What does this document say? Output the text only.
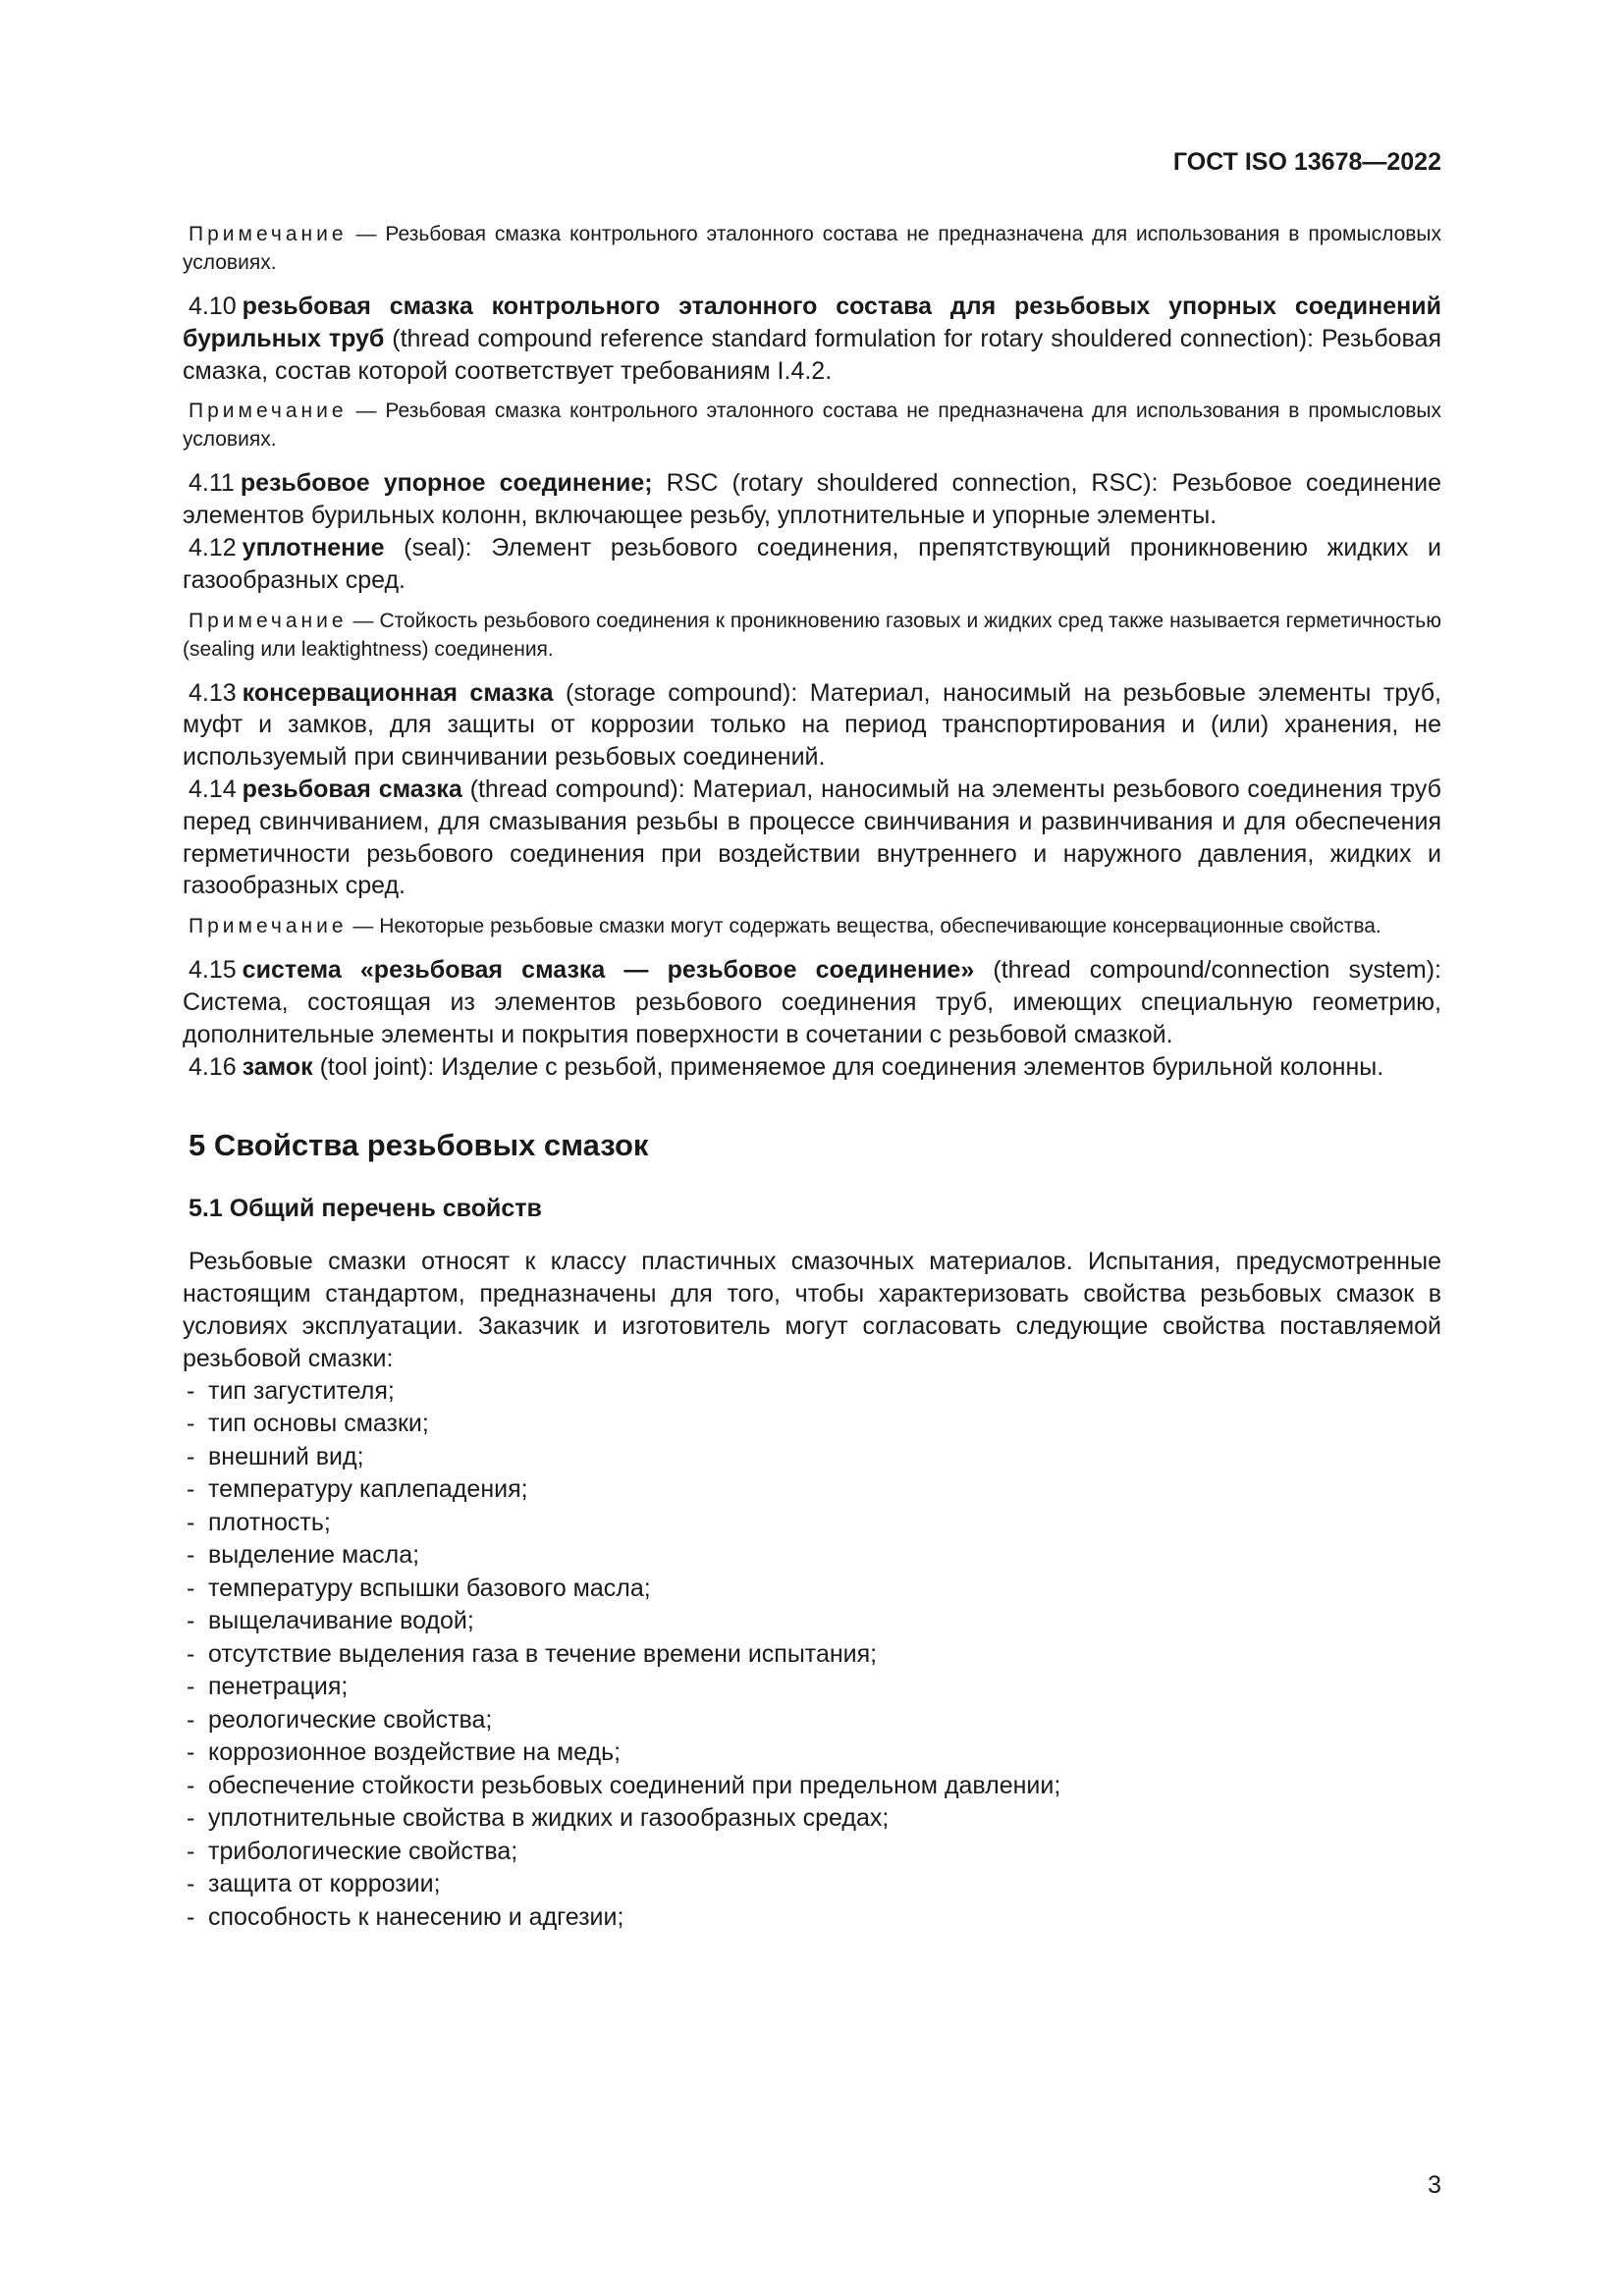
ГОСТ ISO 13678—2022

Примечание — Резьбовая смазка контрольного эталонного состава не предназначена для использования в промысловых условиях.

4.10 резьбовая смазка контрольного эталонного состава для резьбовых упорных соединений бурильных труб (thread compound reference standard formulation for rotary shouldered connection): Резьбовая смазка, состав которой соответствует требованиям I.4.2.

Примечание — Резьбовая смазка контрольного эталонного состава не предназначена для использования в промысловых условиях.

4.11 резьбовое упорное соединение; RSC (rotary shouldered connection, RSC): Резьбовое соединение элементов бурильных колонн, включающее резьбу, уплотнительные и упорные элементы.

4.12 уплотнение (seal): Элемент резьбового соединения, препятствующий проникновению жидких и газообразных сред.

Примечание — Стойкость резьбового соединения к проникновению газовых и жидких сред также называется герметичностью (sealing или leaktightness) соединения.

4.13 консервационная смазка (storage compound): Материал, наносимый на резьбовые элементы труб, муфт и замков, для защиты от коррозии только на период транспортирования и (или) хранения, не используемый при свинчивании резьбовых соединений.

4.14 резьбовая смазка (thread compound): Материал, наносимый на элементы резьбового соединения труб перед свинчиванием, для смазывания резьбы в процессе свинчивания и развинчивания и для обеспечения герметичности резьбового соединения при воздействии внутреннего и наружного давления, жидких и газообразных сред.

Примечание — Некоторые резьбовые смазки могут содержать вещества, обеспечивающие консервационные свойства.

4.15 система «резьбовая смазка — резьбовое соединение» (thread compound/connection system): Система, состоящая из элементов резьбового соединения труб, имеющих специальную геометрию, дополнительные элементы и покрытия поверхности в сочетании с резьбовой смазкой.

4.16 замок (tool joint): Изделие с резьбой, применяемое для соединения элементов бурильной колонны.

5 Свойства резьбовых смазок

5.1 Общий перечень свойств

Резьбовые смазки относят к классу пластичных смазочных материалов. Испытания, предусмотренные настоящим стандартом, предназначены для того, чтобы характеризовать свойства резьбовых смазок в условиях эксплуатации. Заказчик и изготовитель могут согласовать следующие свойства поставляемой резьбовой смазки:

- тип загустителя;
- тип основы смазки;
- внешний вид;
- температуру каплепадения;
- плотность;
- выделение масла;
- температуру вспышки базового масла;
- выщелачивание водой;
- отсутствие выделения газа в течение времени испытания;
- пенетрация;
- реологические свойства;
- коррозионное воздействие на медь;
- обеспечение стойкости резьбовых соединений при предельном давлении;
- уплотнительные свойства в жидких и газообразных средах;
- трибологические свойства;
- защита от коррозии;
- способность к нанесению и адгезии;
3
